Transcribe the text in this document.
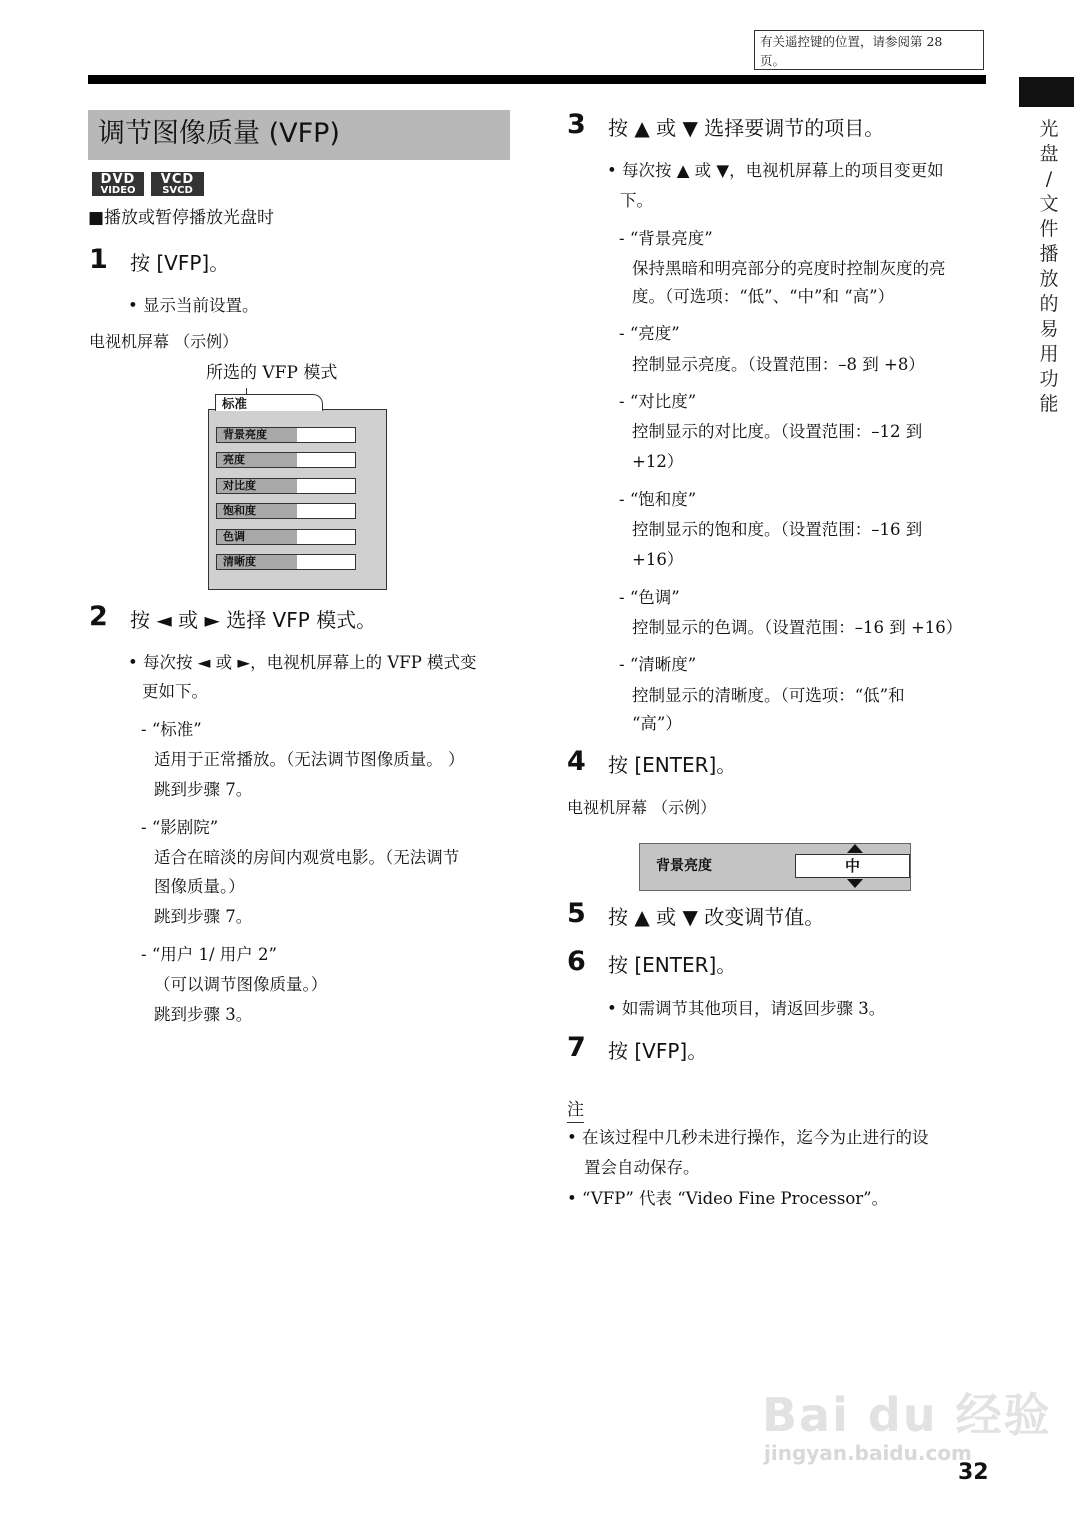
有关遥控键的位置，请参阅第 28
页。
光
盘
/
文
件
播
放
的
易
用
功
能
调节图像质量 (VFP)
DVD
VIDEO
VCD
SVCD
■播放或暂停播放光盘时
1 按 [VFP]。
• 显示当前设置。
电视机屏幕 （示例）
所选的 VFP 模式
标准
背景亮度
亮度
对比度
饱和度
色调
清晰度
2 按 ◄ 或 ► 选择 VFP 模式。
• 每次按 ◄ 或 ►，电视机屏幕上的 VFP 模式变
更如下。
- “标准”
适用于正常播放。（无法调节图像质量。 ）
跳到步骤 7。
- “影剧院”
适合在暗淡的房间内观赏电影。（无法调节
图像质量。）
跳到步骤 7。
- “用户 1/ 用户 2”
（可以调节图像质量。）
跳到步骤 3。
3 按 ▲ 或 ▼ 选择要调节的项目。
• 每次按 ▲ 或 ▼，电视机屏幕上的项目变更如
下。
- “背景亮度”
保持黑暗和明亮部分的亮度时控制灰度的亮
度。（可选项：“低”、“中”和 “高”）
- “亮度”
控制显示亮度。（设置范围：–8 到 +8）
- “对比度”
控制显示的对比度。（设置范围：–12 到
+12）
- “饱和度”
控制显示的饱和度。（设置范围：–16 到
+16）
- “色调”
控制显示的色调。（设置范围：–16 到 +16）
- “清晰度”
控制显示的清晰度。（可选项：“低”和
“高”）
4 按 [ENTER]。
电视机屏幕 （示例）
背景亮度	中
5 按 ▲ 或 ▼ 改变调节值。
6 按 [ENTER]。
• 如需调节其他项目，请返回步骤 3。
7 按 [VFP]。
注
• 在该过程中几秒未进行操作，迄今为止进行的设
置会自动保存。
• “VFP” 代表 “Video Fine Processor”。
Bai du 经验
jingyan.baidu.com
32
